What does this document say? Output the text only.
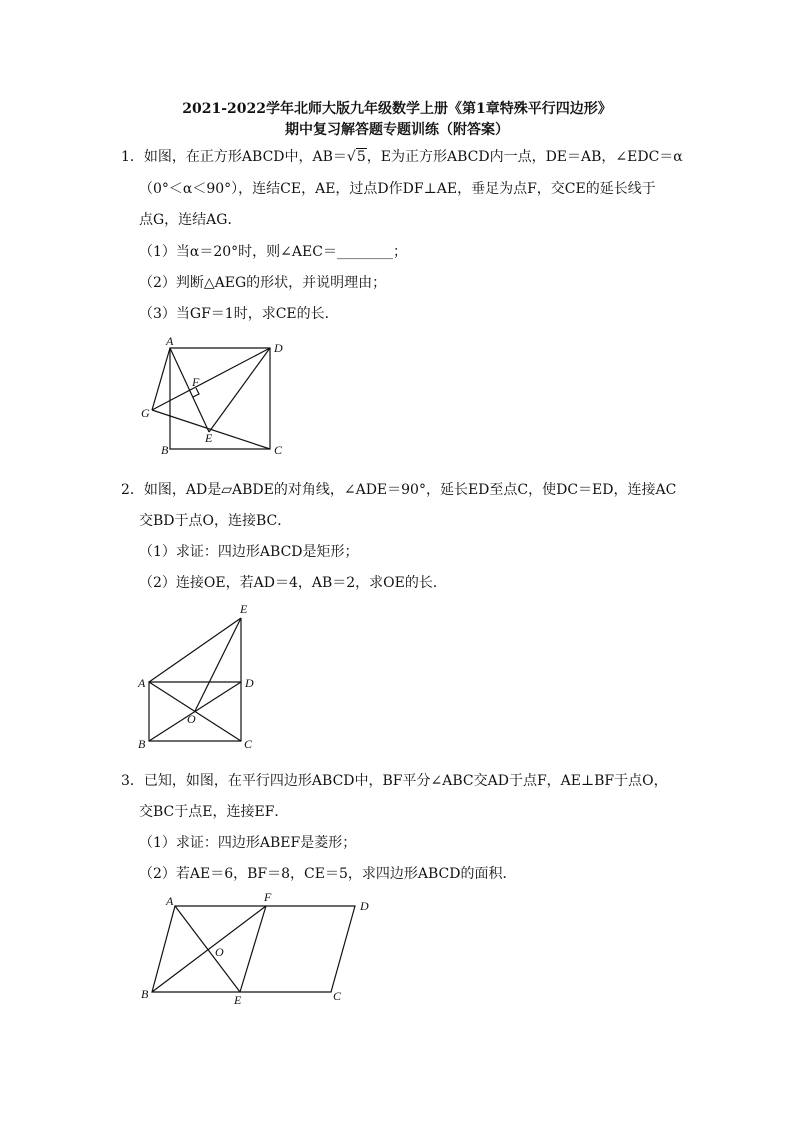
2021-2022学年北师大版九年级数学上册《第1章特殊平行四边形》
期中复习解答题专题训练（附答案）
1．如图，在正方形ABCD中，AB＝√5，E为正方形ABCD内一点，DE＝AB，∠EDC＝α
（0°＜α＜90°），连结CE，AE，过点D作DF⊥AE，垂足为点F，交CE的延长线于
点G，连结AG．
（1）当α＝20°时，则∠AEC＝________；
（2）判断△AEG的形状，并说明理由；
（3）当GF＝1时，求CE的长．
A	D
F
G
B
E
C
2．如图，AD是▱ABDE的对角线，∠ADE＝90°，延长ED至点C，使DC＝ED，连接AC
交BD于点O，连接BC．
（1）求证：四边形ABCD是矩形；
（2）连接OE，若AD＝4，AB＝2，求OE的长．
E
A	D
O
B	C
3．已知，如图，在平行四边形ABCD中，BF平分∠ABC交AD于点F，AE⊥BF于点O，
交BC于点E，连接EF．
（1）求证：四边形ABEF是菱形；
（2）若AE＝6，BF＝8，CE＝5，求四边形ABCD的面积．
A	F
D
O
B	E	C
